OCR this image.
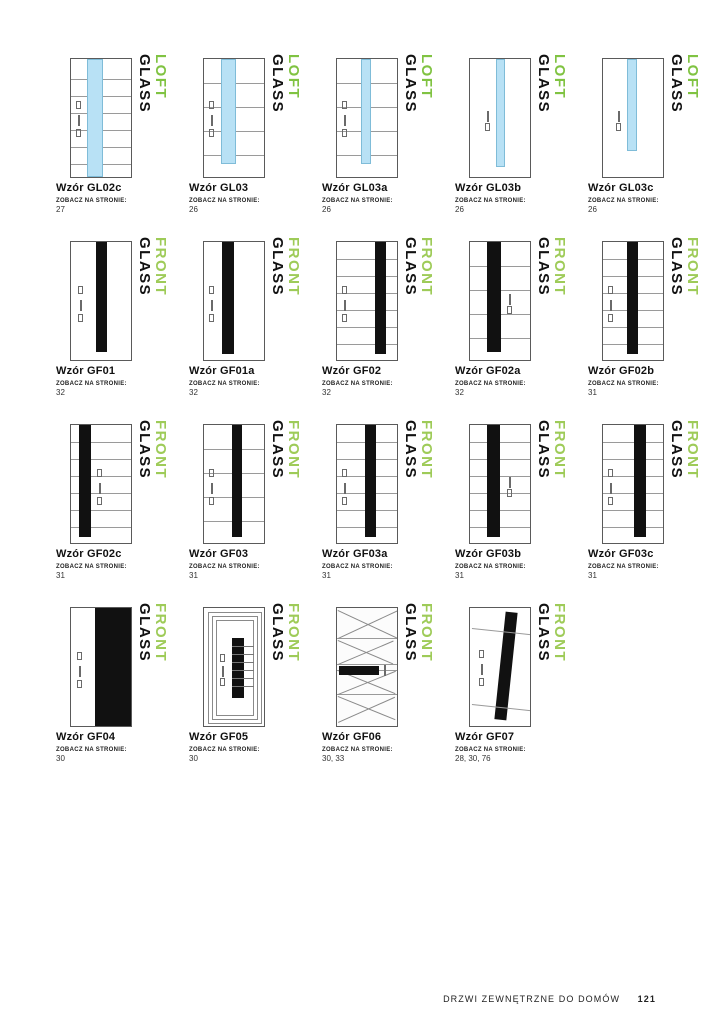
GLASS LOFT
Wzór GL02c
ZOBACZ NA STRONIE:
27
GLASS LOFT
Wzór GL03
ZOBACZ NA STRONIE:
26
GLASS LOFT
Wzór GL03a
ZOBACZ NA STRONIE:
26
GLASS LOFT
Wzór GL03b
ZOBACZ NA STRONIE:
26
GLASS LOFT
Wzór GL03c
ZOBACZ NA STRONIE:
26
GLASS FRONT
Wzór GF01
ZOBACZ NA STRONIE:
32
GLASS FRONT
Wzór GF01a
ZOBACZ NA STRONIE:
32
GLASS FRONT
Wzór GF02
ZOBACZ NA STRONIE:
32
GLASS FRONT
Wzór GF02a
ZOBACZ NA STRONIE:
32
GLASS FRONT
Wzór GF02b
ZOBACZ NA STRONIE:
31
GLASS FRONT
Wzór GF02c
ZOBACZ NA STRONIE:
31
GLASS FRONT
Wzór GF03
ZOBACZ NA STRONIE:
31
GLASS FRONT
Wzór GF03a
ZOBACZ NA STRONIE:
31
GLASS FRONT
Wzór GF03b
ZOBACZ NA STRONIE:
31
GLASS FRONT
Wzór GF03c
ZOBACZ NA STRONIE:
31
GLASS FRONT
Wzór GF04
ZOBACZ NA STRONIE:
30
GLASS FRONT
Wzór GF05
ZOBACZ NA STRONIE:
30
GLASS FRONT
Wzór GF06
ZOBACZ NA STRONIE:
30, 33
GLASS FRONT
Wzór GF07
ZOBACZ NA STRONIE:
28, 30, 76
DRZWI ZEWNĘTRZNE DO DOMÓW 121
